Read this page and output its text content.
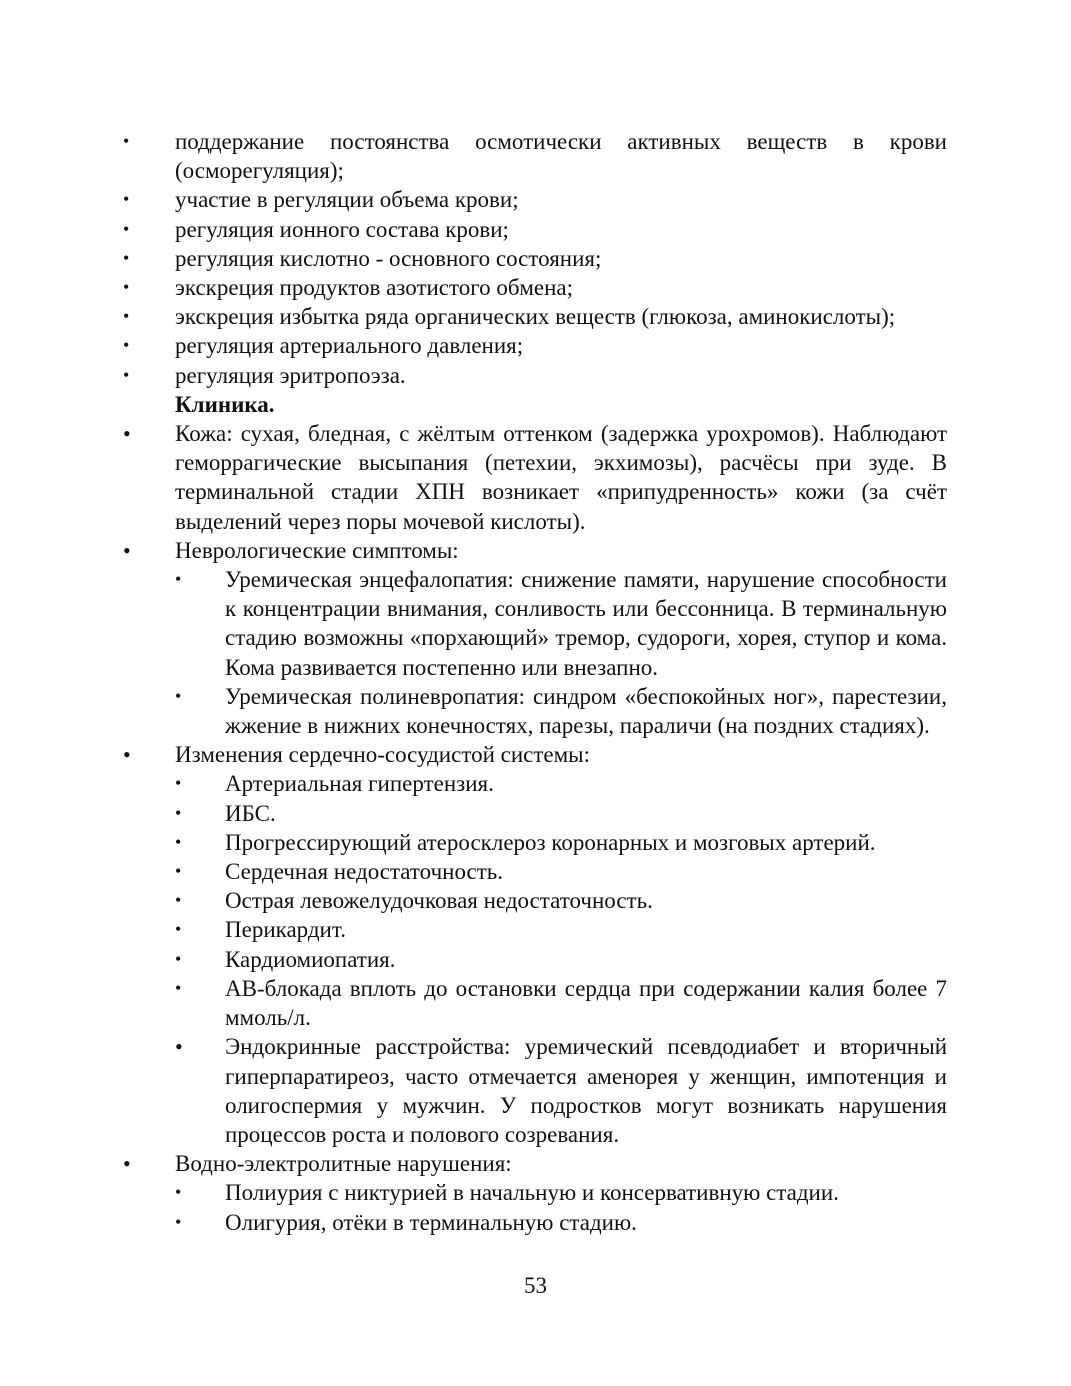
• поддержание постоянства осмотически активных веществ в крови (осморегуляция);
• участие в регуляции объема крови;
• регуляция ионного состава крови;
• регуляция кислотно - основного состояния;
• экскреция продуктов азотистого обмена;
• экскреция избытка ряда органических веществ (глюкоза, аминокислоты);
• регуляция артериального давления;
• регуляция эритропоэза.
Клиника.
• Кожа: сухая, бледная, с жёлтым оттенком (задержка урохромов). Наблюдают геморрагические высыпания (петехии, экхимозы), расчёсы при зуде. В терминальной стадии ХПН возникает «припудренность» кожи (за счёт выделений через поры мочевой кислоты).
• Неврологические симптомы:
• Уремическая энцефалопатия: снижение памяти, нарушение способности к концентрации внимания, сонливость или бессонница. В терминальную стадию возможны «порхающий» тремор, судороги, хорея, ступор и кома. Кома развивается постепенно или внезапно.
• Уремическая полиневропатия: синдром «беспокойных ног», парестезии, жжение в нижних конечностях, парезы, параличи (на поздних стадиях).
• Изменения сердечно-сосудистой системы:
• Артериальная гипертензия.
• ИБС.
• Прогрессирующий атеросклероз коронарных и мозговых артерий.
• Сердечная недостаточность.
• Острая левожелудочковая недостаточность.
• Перикардит.
• Кардиомиопатия.
• АВ-блокада вплоть до остановки сердца при содержании калия более 7 ммоль/л.
• Эндокринные расстройства: уремический псевдодиабет и вторичный гиперпаратиреоз, часто отмечается аменорея у женщин, импотенция и олигоспермия у мужчин. У подростков могут возникать нарушения процессов роста и полового созревания.
• Водно-электролитные нарушения:
• Полиурия с никтурией в начальную и консервативную стадии.
• Олигурия, отёки в терминальную стадию.
53
